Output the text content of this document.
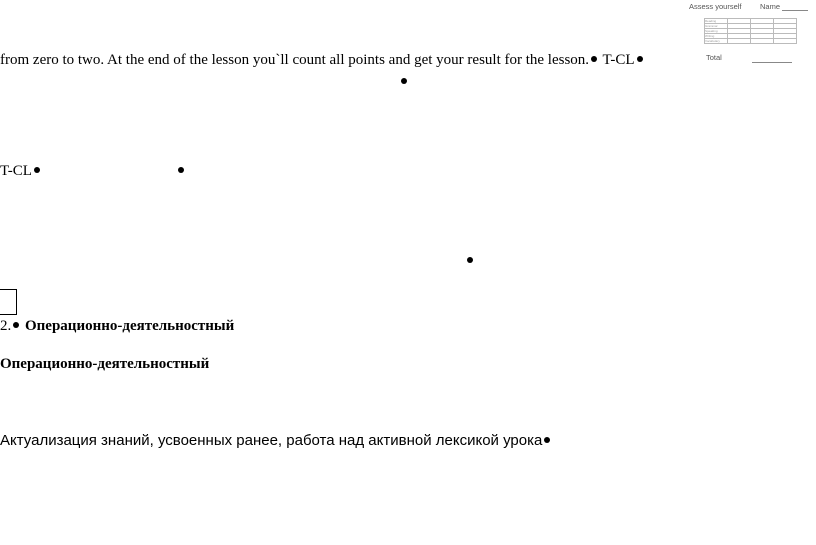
Assess yourself Name
Reading			
Grammar			
Speaking			
Writing			
Vocabulary			
Total
from zero to two. At the end of the lesson you`ll count all points and get your result for the lesson. T-CL
T-CL
2. Операционно-деятельностный
Операционно-деятельностный
Актуализация знаний, усвоенных ранее, работа над активной лексикой урока
